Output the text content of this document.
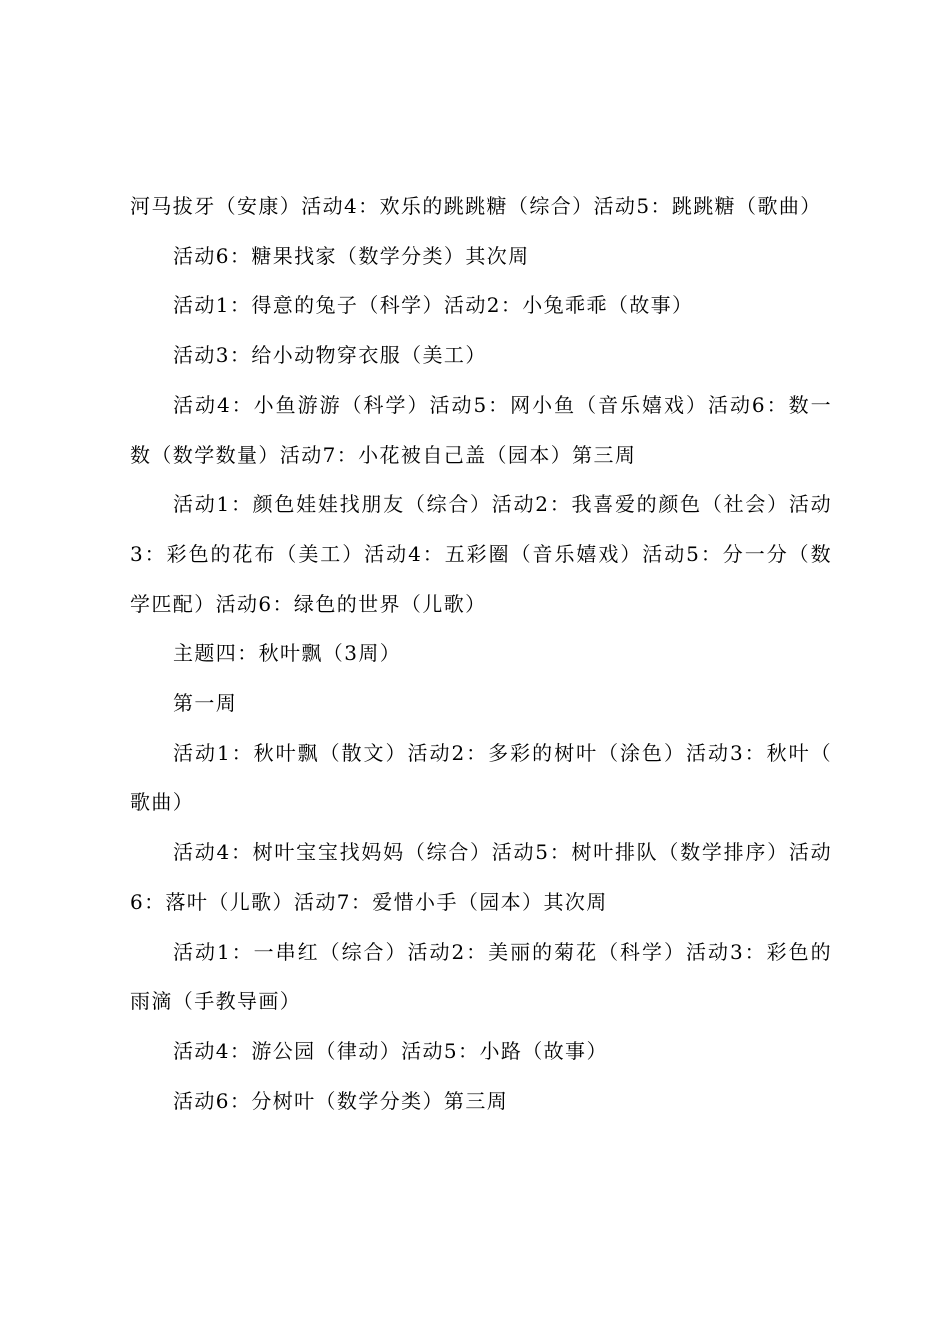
河马拔牙（安康）活动4：欢乐的跳跳糖（综合）活动5：跳跳糖（歌曲）

活动6：糖果找家（数学分类）其次周

活动1：得意的兔子（科学）活动2：小兔乖乖（故事）

活动3：给小动物穿衣服（美工）

活动4：小鱼游游（科学）活动5：网小鱼（音乐嬉戏）活动6：数一数（数学数量）活动7：小花被自己盖（园本）第三周

活动1：颜色娃娃找朋友（综合）活动2：我喜爱的颜色（社会）活动3：彩色的花布（美工）活动4：五彩圈（音乐嬉戏）活动5：分一分（数学匹配）活动6：绿色的世界（儿歌）

主题四：秋叶飘（3周）

第一周

活动1：秋叶飘（散文）活动2：多彩的树叶（涂色）活动3：秋叶（歌曲）

活动4：树叶宝宝找妈妈（综合）活动5：树叶排队（数学排序）活动6：落叶（儿歌）活动7：爱惜小手（园本）其次周

活动1：一串红（综合）活动2：美丽的菊花（科学）活动3：彩色的雨滴（手教导画）

活动4：游公园（律动）活动5：小路（故事）

活动6：分树叶（数学分类）第三周
